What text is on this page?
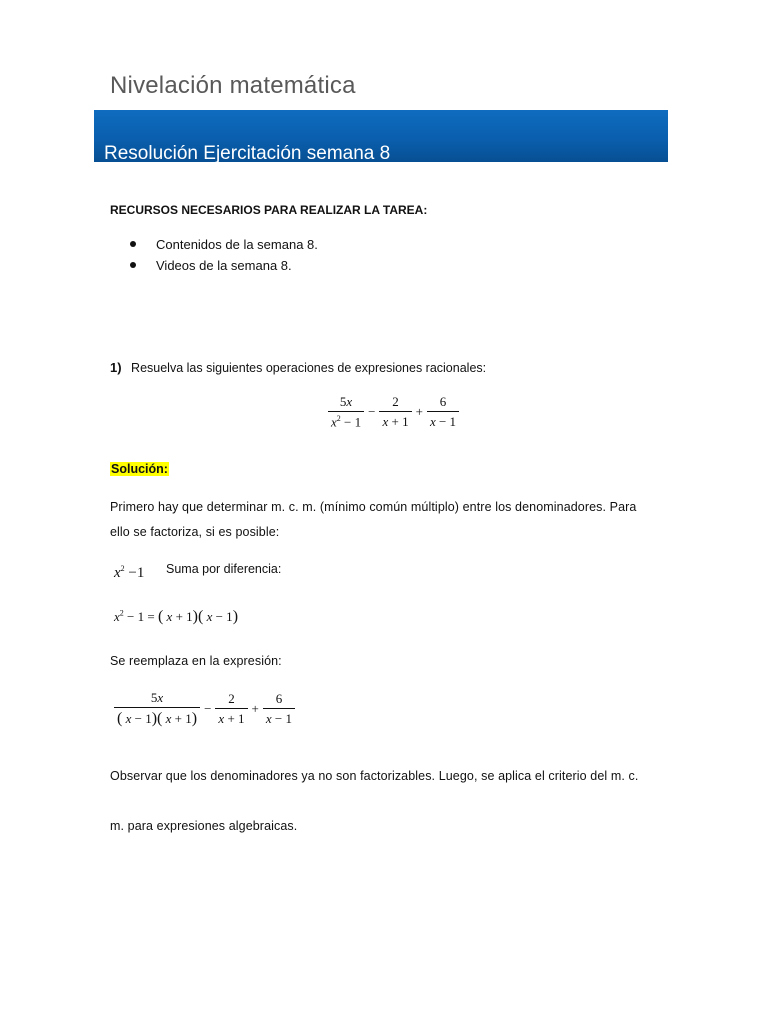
Nivelación matemática
Resolución Ejercitación semana 8
RECURSOS NECESARIOS PARA REALIZAR LA TAREA:
Contenidos de la semana 8.
Videos de la semana 8.
1) Resuelva las siguientes operaciones de expresiones racionales:
$\frac{5x}{x^2 - 1} - \frac{2}{x + 1} + \frac{6}{x - 1}$
Solución:
Primero hay que determinar m. c. m. (mínimo común múltiplo) entre los denominadores. Para
ello se factoriza, si es posible:
$x^2 -1$ Suma por diferencia:
$x^2 - 1$ = ( x + 1)( x − 1)
Se reemplaza en la expresión:
$\frac{5x}{( x - 1)( x + 1)} - \frac{2}{x + 1} + \frac{6}{x - 1}$
Observar que los denominadores ya no son factorizables. Luego, se aplica el criterio del m. c.
m. para expresiones algebraicas.
